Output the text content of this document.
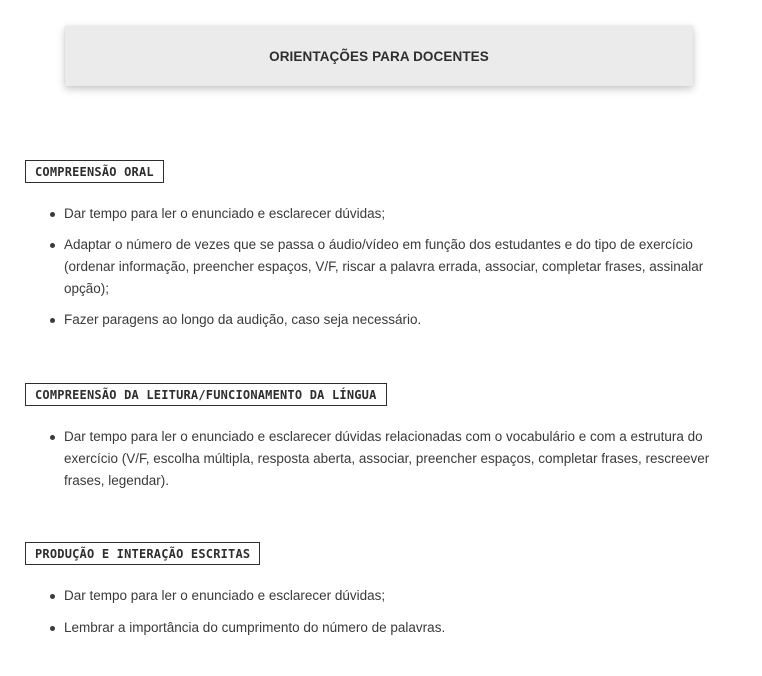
ORIENTAÇÕES PARA DOCENTES
COMPREENSÃO ORAL
Dar tempo para ler o enunciado e esclarecer dúvidas;
Adaptar o número de vezes que se passa o áudio/vídeo em função dos estudantes e do tipo de exercício (ordenar informação, preencher espaços, V/F, riscar a palavra errada, associar, completar frases, assinalar opção);
Fazer paragens ao longo da audição, caso seja necessário.
COMPREENSÃO DA LEITURA/FUNCIONAMENTO DA LÍNGUA
Dar tempo para ler o enunciado e esclarecer dúvidas relacionadas com o vocabulário e com a estrutura do exercício (V/F, escolha múltipla, resposta aberta, associar, preencher espaços, completar frases, rescreever frases, legendar).
PRODUÇÃO E INTERAÇÃO ESCRITAS
Dar tempo para ler o enunciado e esclarecer dúvidas;
Lembrar a importância do cumprimento do número de palavras.
